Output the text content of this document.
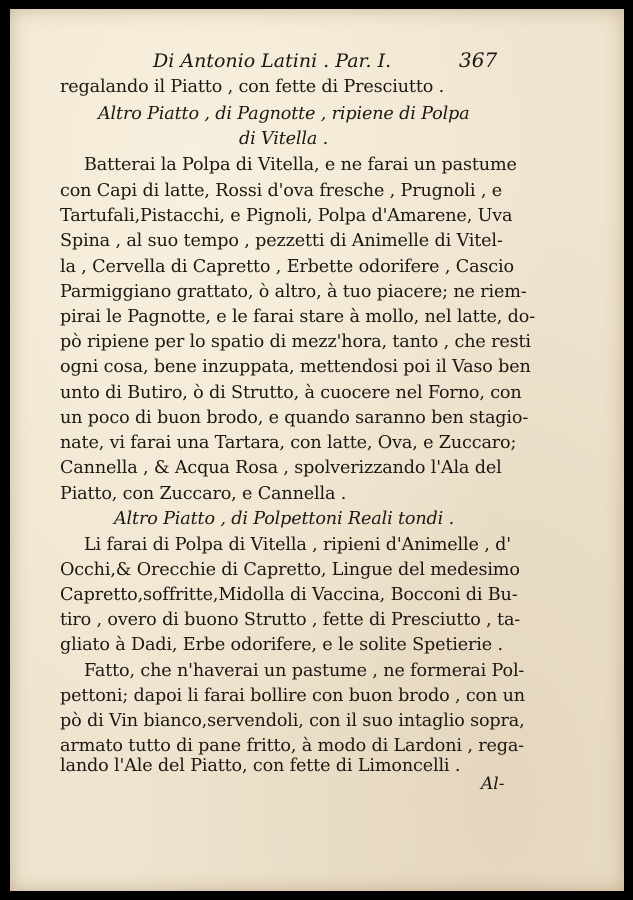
Di Antonio Latini . Par. I.	367
regalando il Piatto , con fette di Presciutto .
Altro Piatto , di Pagnotte , ripiene di Polpa
di Vitella .
Batterai la Polpa di Vitella, e ne farai un pastume
con Capi di latte, Rossi d'ova fresche , Prugnoli , e
Tartufali,Pistacchi, e Pignoli, Polpa d'Amarene, Uva
Spina , al suo tempo , pezzetti di Animelle di Vitel-
la , Cervella di Capretto , Erbette odorifere , Cascio
Parmiggiano grattato, ò altro, à tuo piacere; ne riem-
pirai le Pagnotte, e le farai stare à mollo, nel latte, do-
pò ripiene per lo spatio di mezz'hora, tanto , che resti
ogni cosa, bene inzuppata, mettendosi poi il Vaso ben
unto di Butiro, ò di Strutto, à cuocere nel Forno, con
un poco di buon brodo, e quando saranno ben stagio-
nate, vi farai una Tartara, con latte, Ova, e Zuccaro;
Cannella , & Acqua Rosa , spolverizzando l'Ala del
Piatto, con Zuccaro, e Cannella .
Altro Piatto , di Polpettoni Reali tondi .
Li farai di Polpa di Vitella , ripieni d'Animelle , d'
Occhi,& Orecchie di Capretto, Lingue del medesimo
Capretto,soffritte,Midolla di Vaccina, Bocconi di Bu-
tiro , overo di buono Strutto , fette di Presciutto , ta-
gliato à Dadi, Erbe odorifere, e le solite Spetierie .
Fatto, che n'haverai un pastume , ne formerai Pol-
pettoni; dapoi li farai bollire con buon brodo , con un
pò di Vin bianco,servendoli, con il suo intaglio sopra,
armato tutto di pane fritto, à modo di Lardoni , rega-
lando l'Ale del Piatto, con fette di Limoncelli .
Al-
